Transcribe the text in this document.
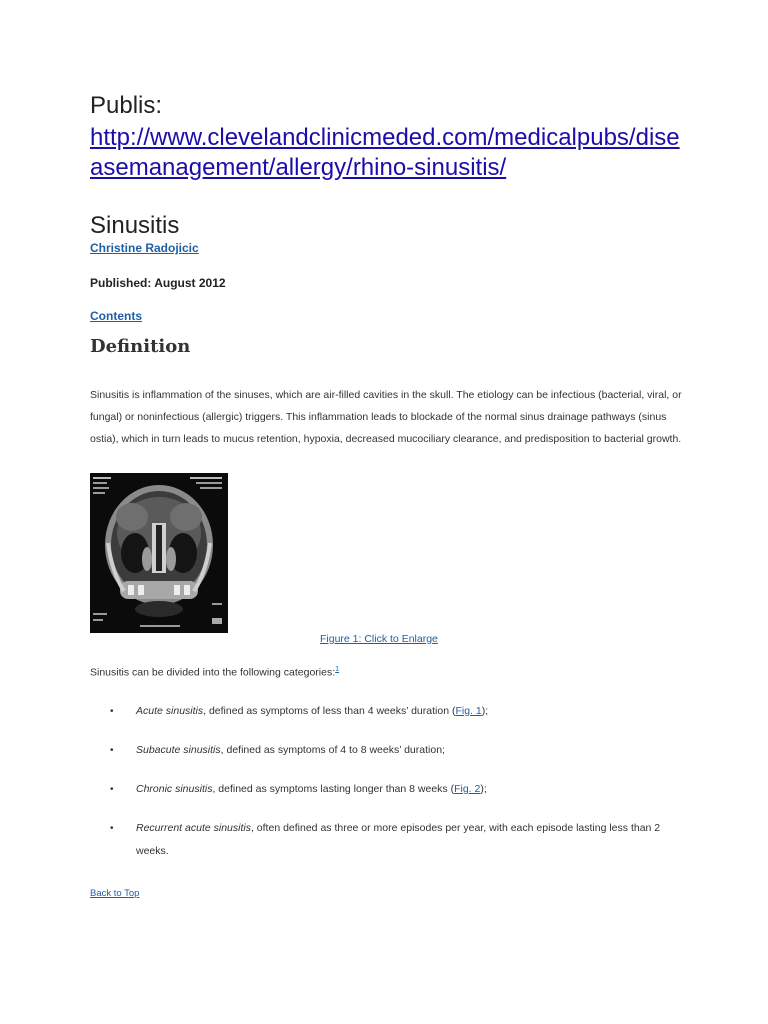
Publis:
http://www.clevelandclinicmeded.com/medicalpubs/diseasemanagement/allergy/rhino-sinusitis/
Sinusitis
Christine Radojicic
Published: August 2012
Contents
Definition

Sinusitis is inflammation of the sinuses, which are air-filled cavities in the skull. The etiology can be infectious (bacterial, viral, or fungal) or noninfectious (allergic) triggers. This inflammation leads to blockade of the normal sinus drainage pathways (sinus ostia), which in turn leads to mucus retention, hypoxia, decreased mucociliary clearance, and predisposition to bacterial growth.

Figure 1: Click to Enlarge
Sinusitis can be divided into the following categories:$^1$
• Acute sinusitis, defined as symptoms of less than 4 weeks’ duration (Fig. 1);
• Subacute sinusitis, defined as symptoms of 4 to 8 weeks’ duration;
• Chronic sinusitis, defined as symptoms lasting longer than 8 weeks (Fig. 2);
• Recurrent acute sinusitis, often defined as three or more episodes per year, with each episode lasting less than 2 weeks.
Back to Top
